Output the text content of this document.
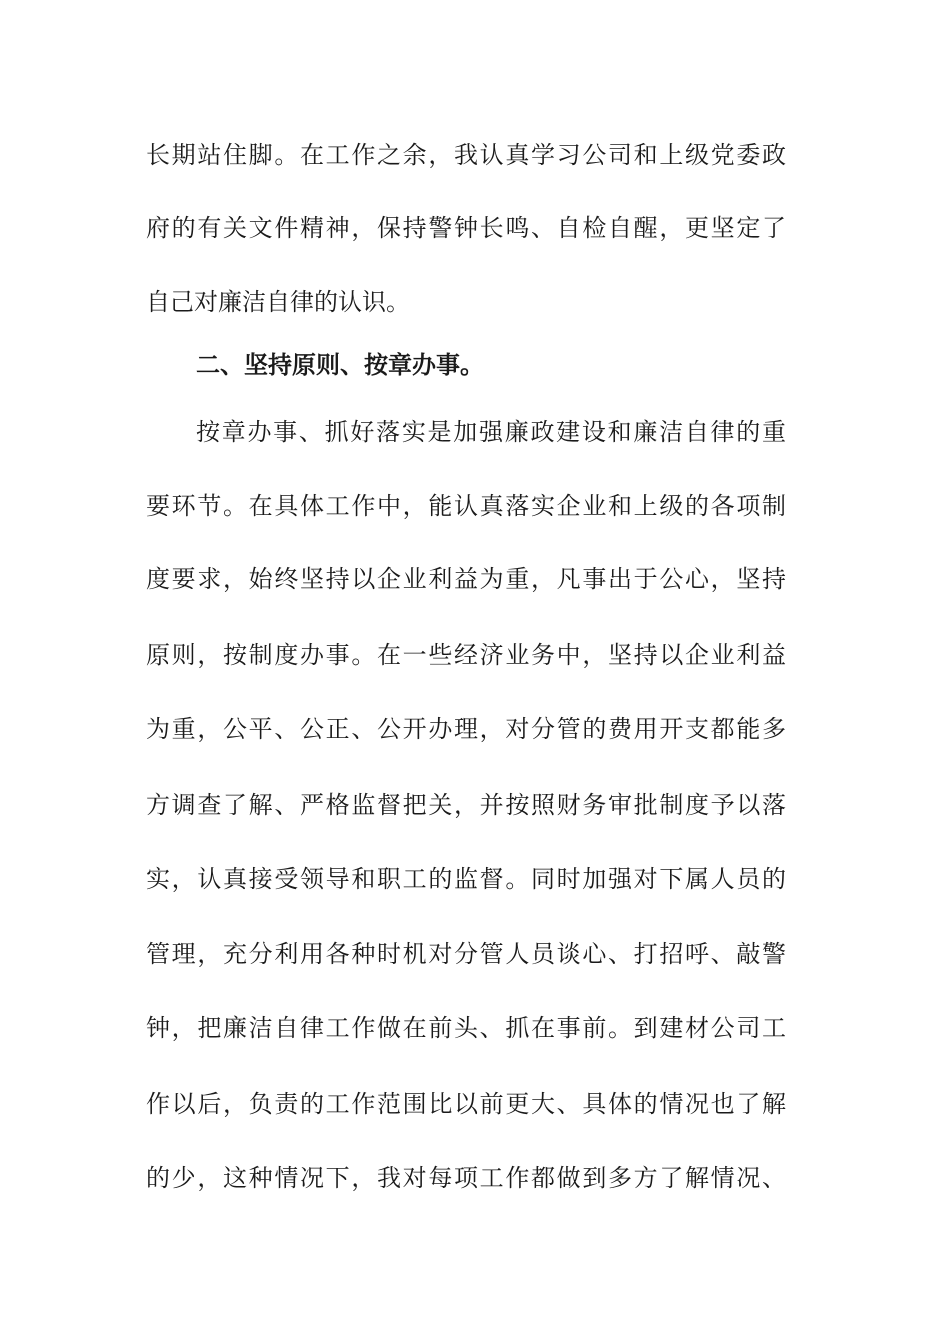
长期站住脚。在工作之余，我认真学习公司和上级党委政
府的有关文件精神，保持警钟长鸣、自检自醒，更坚定了
自己对廉洁自律的认识。
二、坚持原则、按章办事。
按章办事、抓好落实是加强廉政建设和廉洁自律的重
要环节。在具体工作中，能认真落实企业和上级的各项制
度要求，始终坚持以企业利益为重，凡事出于公心，坚持
原则，按制度办事。在一些经济业务中，坚持以企业利益
为重，公平、公正、公开办理，对分管的费用开支都能多
方调查了解、严格监督把关，并按照财务审批制度予以落
实，认真接受领导和职工的监督。同时加强对下属人员的
管理，充分利用各种时机对分管人员谈心、打招呼、敲警
钟，把廉洁自律工作做在前头、抓在事前。到建材公司工
作以后，负责的工作范围比以前更大、具体的情况也了解
的少，这种情况下，我对每项工作都做到多方了解情况、
